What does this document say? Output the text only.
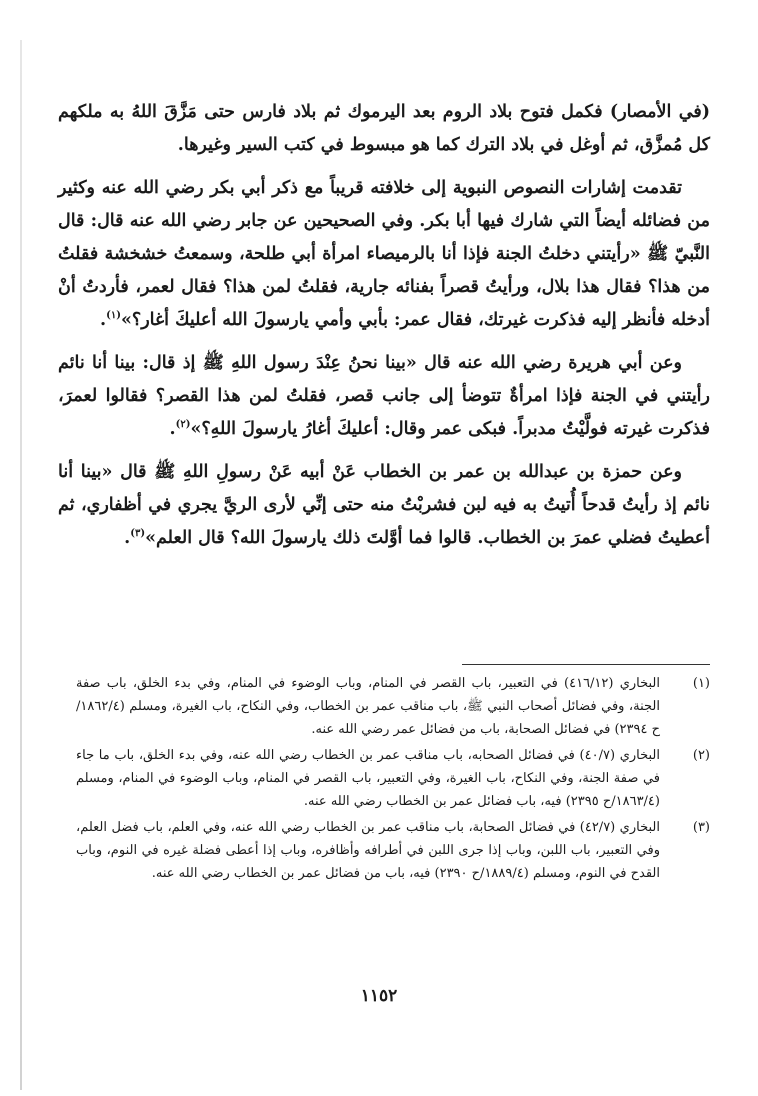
(في الأمصار) فكمل فتوح بلاد الروم بعد اليرموك ثم بلاد فارس حتى مَزَّقَ اللهُ به ملكهم كل مُمزَّق، ثم أوغل في بلاد الترك كما هو مبسوط في كتب السير وغيرها.

تقدمت إشارات النصوص النبوية إلى خلافته قريباً مع ذكر أبي بكر رضي الله عنه وكثير من فضائله أيضاً التي شارك فيها أبا بكر. وفي الصحيحين عن جابر رضي الله عنه قال: قال النَّبيّ ﷺ «رأيتني دخلتُ الجنة فإذا أنا بالرميصاء امرأة أبي طلحة، وسمعتُ خشخشة فقلتُ من هذا؟ فقال هذا بلال، ورأيتُ قصراً بفنائه جارية، فقلتُ لمن هذا؟ فقال لعمر، فأردتُ أنْ أدخله فأنظر إليه فذكرت غيرتك، فقال عمر: بأبي وأمي يارسولَ الله أعليكَ أغار؟»$^{(١)}$.

وعن أبي هريرة رضي الله عنه قال «بينا نحنُ عِنْدَ رسول اللهِ ﷺ إذ قال: بينا أنا نائم رأيتني في الجنة فإذا امرأةٌ تتوضأ إلى جانب قصر، فقلتُ لمن هذا القصر؟ فقالوا لعمرَ، فذكرت غيرته فولَّيْتُ مدبراً. فبكى عمر وقال: أعليكَ أغارُ يارسولَ اللهِ؟»$^{(٢)}$.

وعن حمزة بن عبدالله بن عمر بن الخطاب عَنْ أبيه عَنْ رسولِ اللهِ ﷺ قال «بينا أنا نائم إذ رأيتُ قدحاً أُتيتُ به فيه لبن فشربْتُ منه حتى إنِّي لأرى الريَّ يجري في أظفاري، ثم أعطيتُ فضلي عمرَ بن الخطاب. قالوا فما أوَّلتَ ذلك يارسولَ الله؟ قال العلم»$^{(٣)}$.

(١)
البخاري (٤١٦/١٢) في التعبير، باب القصر في المنام، وباب الوضوء في المنام، وفي بدء الخلق، باب صفة الجنة، وفي فضائل أصحاب النبي ﷺ، باب مناقب عمر بن الخطاب، وفي النكاح، باب الغيرة، ومسلم (١٨٦٢/٤/ح ٢٣٩٤) في فضائل الصحابة، باب من فضائل عمر رضي الله عنه.
(٢)
البخاري (٤٠/٧) في فضائل الصحابه، باب مناقب عمر بن الخطاب رضي الله عنه، وفي بدء الخلق، باب ما جاء في صفة الجنة، وفي النكاح، باب الغيرة، وفي التعبير، باب القصر في المنام، وباب الوضوء في المنام، ومسلم (١٨٦٣/٤/ح ٢٣٩٥) فيه، باب فضائل عمر بن الخطاب رضي الله عنه.
(٣)
البخاري (٤٢/٧) في فضائل الصحابة، باب مناقب عمر بن الخطاب رضي الله عنه، وفي العلم، باب فضل العلم، وفي التعبير، باب اللبن، وباب إذا جرى اللبن في أطرافه وأظافره، وباب إذا أعطى فضلة غيره في النوم، وباب القدح في النوم، ومسلم (١٨٨٩/٤/ح ٢٣٩٠) فيه، باب من فضائل عمر بن الخطاب رضي الله عنه.
١١٥٢
